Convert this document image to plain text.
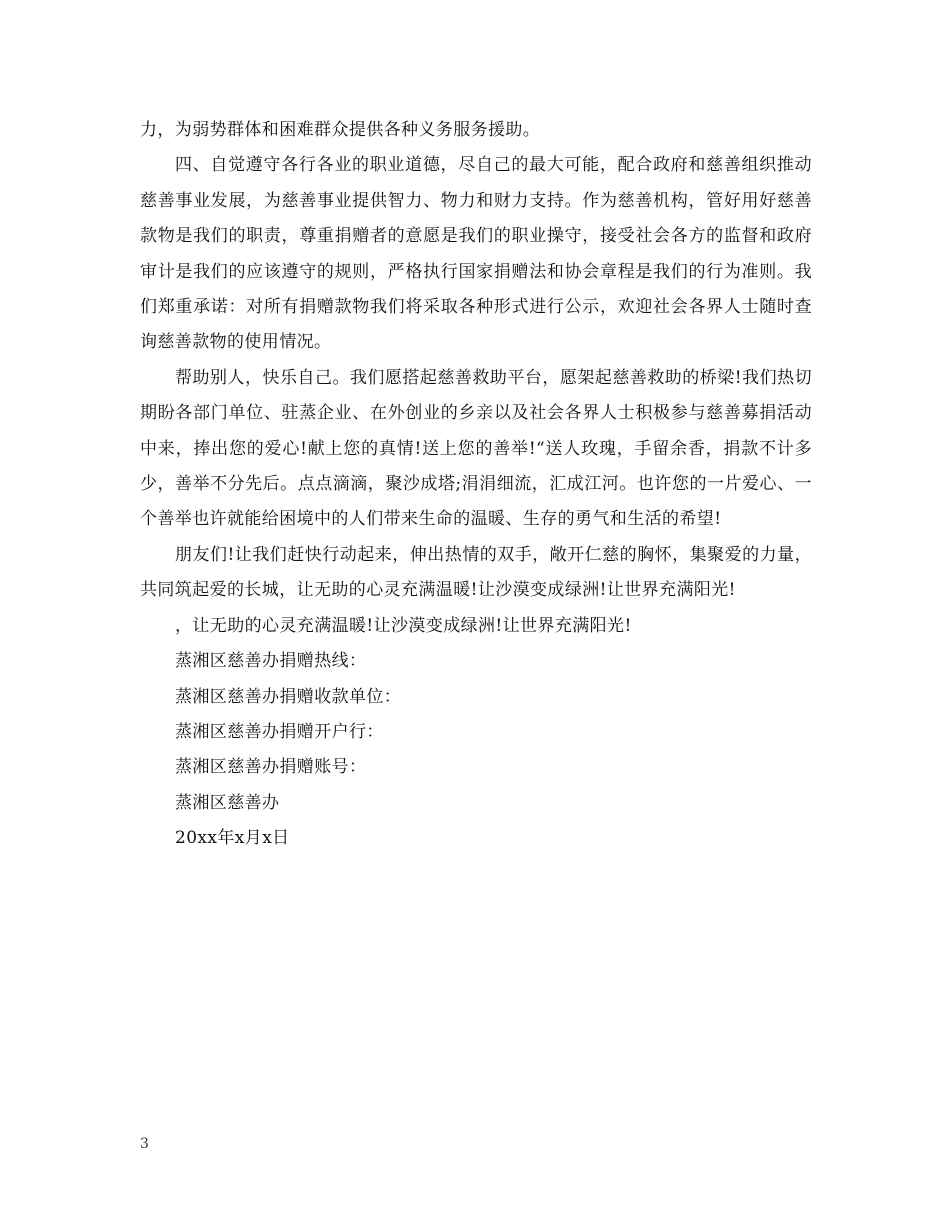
力，为弱势群体和困难群众提供各种义务服务援助。

四、自觉遵守各行各业的职业道德，尽自己的最大可能，配合政府和慈善组织推动慈善事业发展，为慈善事业提供智力、物力和财力支持。作为慈善机构，管好用好慈善款物是我们的职责，尊重捐赠者的意愿是我们的职业操守，接受社会各方的监督和政府审计是我们的应该遵守的规则，严格执行国家捐赠法和协会章程是我们的行为准则。我们郑重承诺：对所有捐赠款物我们将采取各种形式进行公示，欢迎社会各界人士随时查询慈善款物的使用情况。

帮助别人，快乐自己。我们愿搭起慈善救助平台，愿架起慈善救助的桥梁!我们热切期盼各部门单位、驻蒸企业、在外创业的乡亲以及社会各界人士积极参与慈善募捐活动中来，捧出您的爱心!献上您的真情!送上您的善举!“送人玫瑰，手留余香，捐款不计多少，善举不分先后。点点滴滴，聚沙成塔;涓涓细流，汇成江河。也许您的一片爱心、一个善举也许就能给困境中的人们带来生命的温暖、生存的勇气和生活的希望!

朋友们!让我们赶快行动起来，伸出热情的双手，敞开仁慈的胸怀，集聚爱的力量，共同筑起爱的长城，让无助的心灵充满温暖!让沙漠变成绿洲!让世界充满阳光!

，让无助的心灵充满温暖!让沙漠变成绿洲!让世界充满阳光!

蒸湘区慈善办捐赠热线：

蒸湘区慈善办捐赠收款单位：

蒸湘区慈善办捐赠开户行：

蒸湘区慈善办捐赠账号：

蒸湘区慈善办

20xx年x月x日

3
